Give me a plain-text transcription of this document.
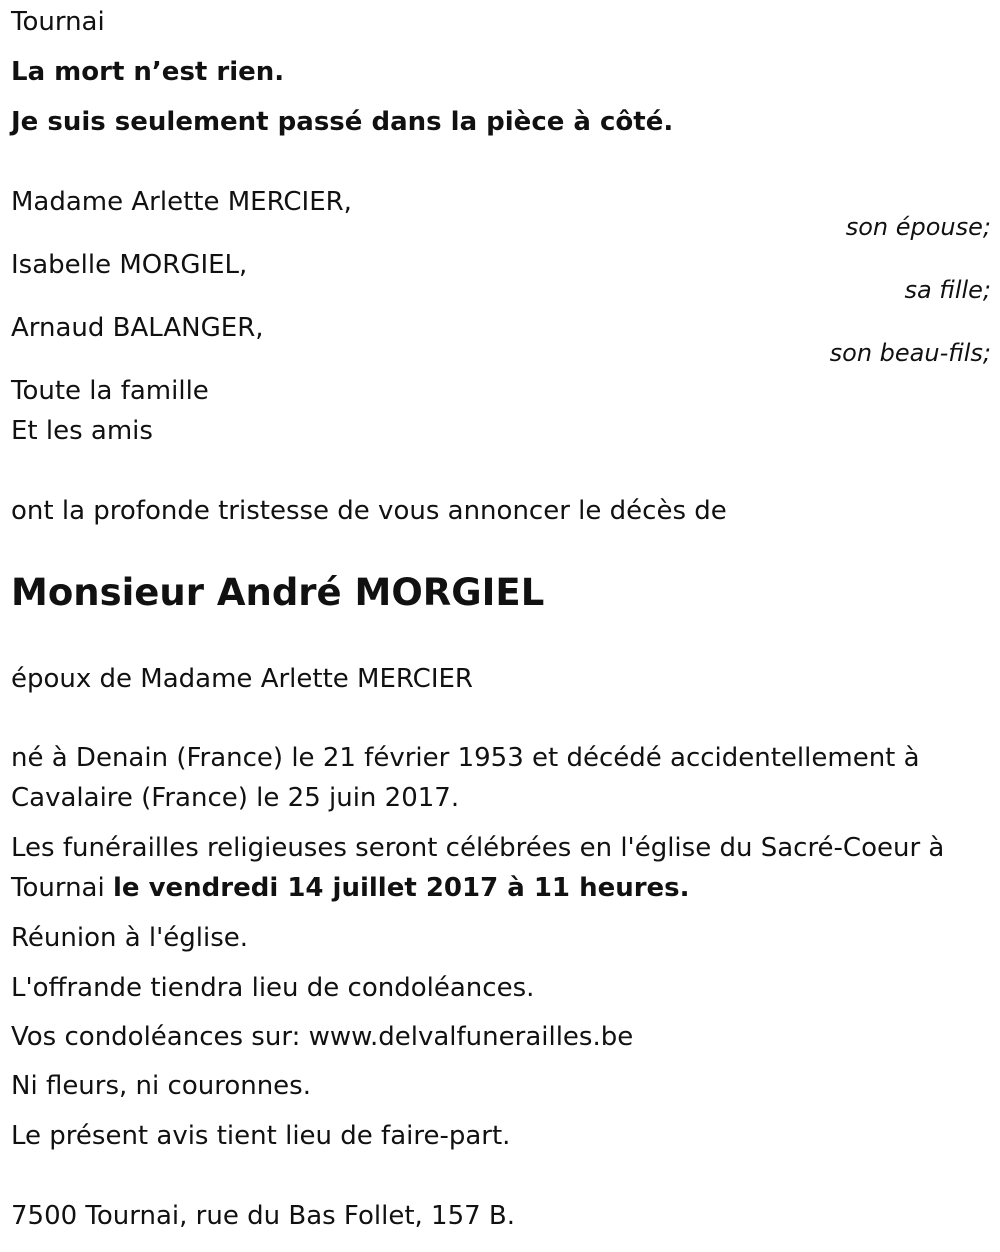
Tournai
La mort n’est rien.
Je suis seulement passé dans la pièce à côté.
Madame Arlette MERCIER,
son épouse;
Isabelle MORGIEL,
sa fille;
Arnaud BALANGER,
son beau-fils;
Toute la famille
Et les amis
ont la profonde tristesse de vous annoncer le décès de
Monsieur André MORGIEL
époux de Madame Arlette MERCIER
né à Denain (France) le 21 février 1953 et décédé accidentellement à
Cavalaire (France) le 25 juin 2017.
Les funérailles religieuses seront célébrées en l'église du Sacré-Coeur à
Tournai le vendredi 14 juillet 2017 à 11 heures.
Réunion à l'église.
L'offrande tiendra lieu de condoléances.
Vos condoléances sur: www.delvalfunerailles.be
Ni fleurs, ni couronnes.
Le présent avis tient lieu de faire-part.
7500 Tournai, rue du Bas Follet, 157 B.
